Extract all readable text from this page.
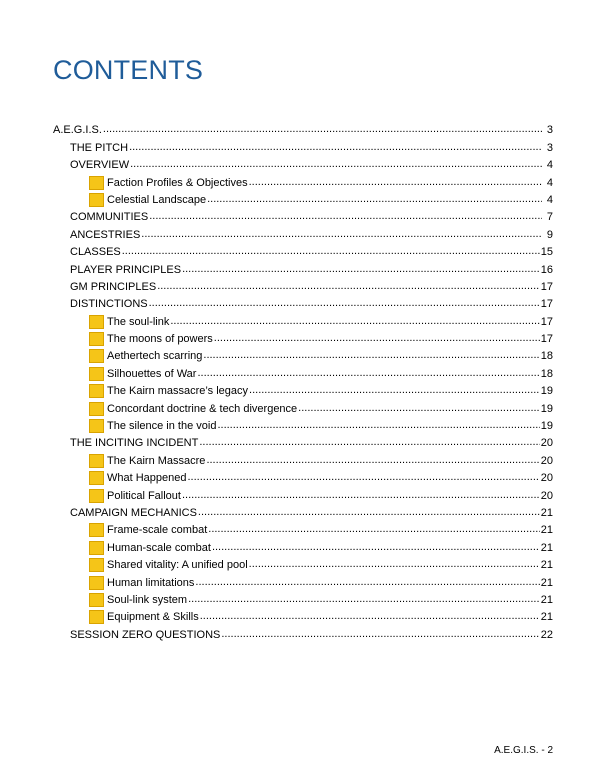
CONTENTS
A.E.G.I.S. .....	3
THE PITCH .....	3
OVERVIEW .....	4
Faction Profiles & Objectives .....	4
Celestial Landscape .....	4
COMMUNITIES .....	7
ANCESTRIES .....	9
CLASSES .....	15
PLAYER PRINCIPLES .....	16
GM PRINCIPLES .....	17
DISTINCTIONS .....	17
The soul-link .....	17
The moons of powers .....	17
Aethertech scarring .....	18
Silhouettes of War .....	18
The Kairn massacre’s legacy .....	19
Concordant doctrine & tech divergence .....	19
The silence in the void .....	19
THE INCITING INCIDENT .....	20
The Kairn Massacre .....	20
What Happened .....	20
Political Fallout .....	20
CAMPAIGN MECHANICS .....	21
Frame-scale combat .....	21
Human-scale combat .....	21
Shared vitality: A unified pool .....	21
Human limitations .....	21
Soul-link system .....	21
Equipment & Skills .....	21
SESSION ZERO QUESTIONS .....	22
A.E.G.I.S. - 2
